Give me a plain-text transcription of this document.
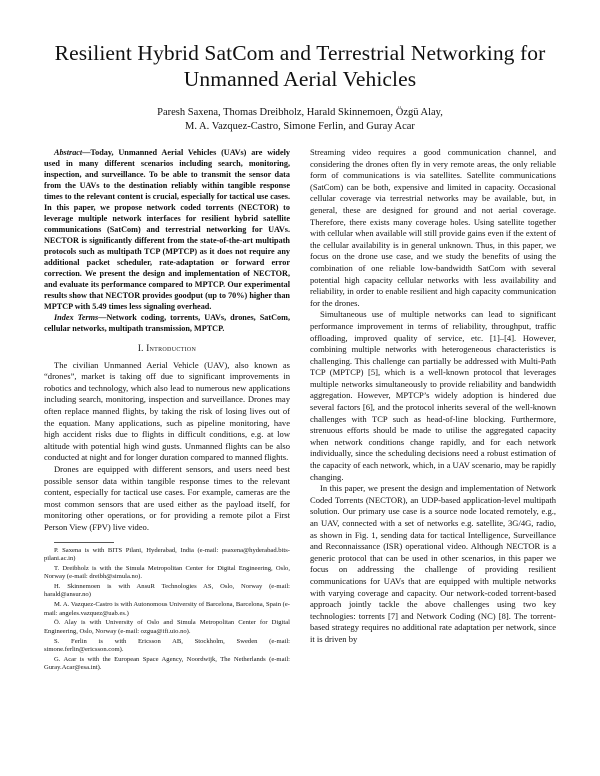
Resilient Hybrid SatCom and Terrestrial Networking for Unmanned Aerial Vehicles
Paresh Saxena, Thomas Dreibholz, Harald Skinnemoen, Özgü Alay,
M. A. Vazquez-Castro, Simone Ferlin, and Guray Acar

Abstract—Today, Unmanned Aerial Vehicles (UAVs) are widely used in many different scenarios including search, monitoring, inspection, and surveillance. To be able to transmit the sensor data from the UAVs to the destination reliably within tangible response times to the relevant content is crucial, especially for tactical use cases. In this paper, we propose network coded torrents (NECTOR) to leverage multiple network interfaces for resilient hybrid satellite communications (SatCom) and terrestrial networking for UAVs. NECTOR is significantly different from the state-of-the-art multipath protocols such as multipath TCP (MPTCP) as it does not require any additional packet scheduler, rate-adaptation or forward error correction. We present the design and implementation of NECTOR, and evaluate its performance compared to MPTCP. Our experimental results show that NECTOR provides goodput (up to 70%) higher than MPTCP with 5.49 times less signaling overhead.

Index Terms—Network coding, torrents, UAVs, drones, SatCom, cellular networks, multipath transmission, MPTCP.

I. Introduction

The civilian Unmanned Aerial Vehicle (UAV), also known as “drones”, market is taking off due to significant improvements in robotics and technology, which also lead to numerous new applications including search, monitoring, inspection and surveillance. Drones may often replace manned flights, by taking the risk of losing lives out of the equation. Many applications, such as pipeline monitoring, have high accident risks due to flights in difficult conditions, e.g. at low altitude with potential high wind gusts. Unmanned flights can be also conducted at night and for longer duration compared to manned flights.

Drones are equipped with different sensors, and users need best possible sensor data within tangible response times to the relevant content, especially for tactical use cases. For example, cameras are the most common sensors that are used either as the payload itself, for monitoring other operations, or for providing a remote pilot a First Person View (FPV) live video.

P. Saxena is with BITS Pilani, Hyderabad, India (e-mail: psaxena@hyderabad.bits-pilani.ac.in)

T. Dreibholz is with the Simula Metropolitan Center for Digital Engineering, Oslo, Norway (e-mail: dreibh@simula.no).

H. Skinnemoen is with AnsuR Technologies AS, Oslo, Norway (e-mail: harald@ansur.no)

M. A. Vazquez-Castro is with Autonomous University of Barcelona, Barcelona, Spain (e-mail: angeles.vazquez@uab.es.)

Ö. Alay is with University of Oslo and Simula Metropolitan Center for Digital Engineering, Oslo, Norway (e-mail: ozgua@ifi.uio.no).

S. Ferlin is with Ericsson AB, Stockholm, Sweden (e-mail: simone.ferlin@ericsson.com).

G. Acar is with the European Space Agency, Noordwijk, The Netherlands (e-mail: Guray.Acar@esa.int).

Streaming video requires a good communication channel, and considering the drones often fly in very remote areas, the only reliable form of communications is via satellites. Satellite communications (SatCom) can be both, expensive and limited in capacity. Occasional cellular coverage via terrestrial networks may be available, but, in general, these are designed for ground and not aerial coverage. Therefore, there exists many coverage holes. Using satellite together with cellular when available will still provide gains even if the extent of the cellular availability is in general unknown. Thus, in this paper, we focus on the drone use case, and we study the benefits of using the combination of one reliable low-bandwidth SatCom with several potential high capacity cellular networks with less availability and reliability, in order to enable resilient and high capacity communication for the drones.

Simultaneous use of multiple networks can lead to significant performance improvement in terms of reliability, throughput, traffic offloading, improved quality of service, etc. [1]–[4]. However, combining multiple networks with heterogeneous characteristics is challenging. This challenge can partially be addressed with Multi-Path TCP (MPTCP) [5], which is a well-known protocol that leverages multiple networks simultaneously to provide reliability and bandwidth aggregation. However, MPTCP’s widely adoption is hindered due several factors [6], and the protocol inherits several of the well-known challenges with TCP such as head-of-line blocking. Furthermore, strenuous efforts should be made to utilise the aggregated capacity when network conditions change rapidly, and for each network individually, since the scheduling decisions need a robust estimation of the capacity of each network, which, in a UAV scenario, may be rapidly changing.

In this paper, we present the design and implementation of Network Coded Torrents (NECTOR), an UDP-based application-level multipath solution. Our primary use case is a source node located remotely, e.g., an UAV, connected with a set of networks e.g. satellite, 3G/4G, radio, as shown in Fig. 1, sending data for tactical Intelligence, Surveillance and Reconnaissance (ISR) operational video. Although NECTOR is a generic protocol that can be used in other scenarios, in this paper we focus on addressing the challenge of providing resilient communications for UAVs that are equipped with multiple networks with varying coverage and capacity. Our network-coded torrent-based approach jointly tackle the above challenges using two key technologies: torrents [7] and Network Coding (NC) [8]. The torrent-based strategy requires no additional rate adaptation per network, since it is driven by
